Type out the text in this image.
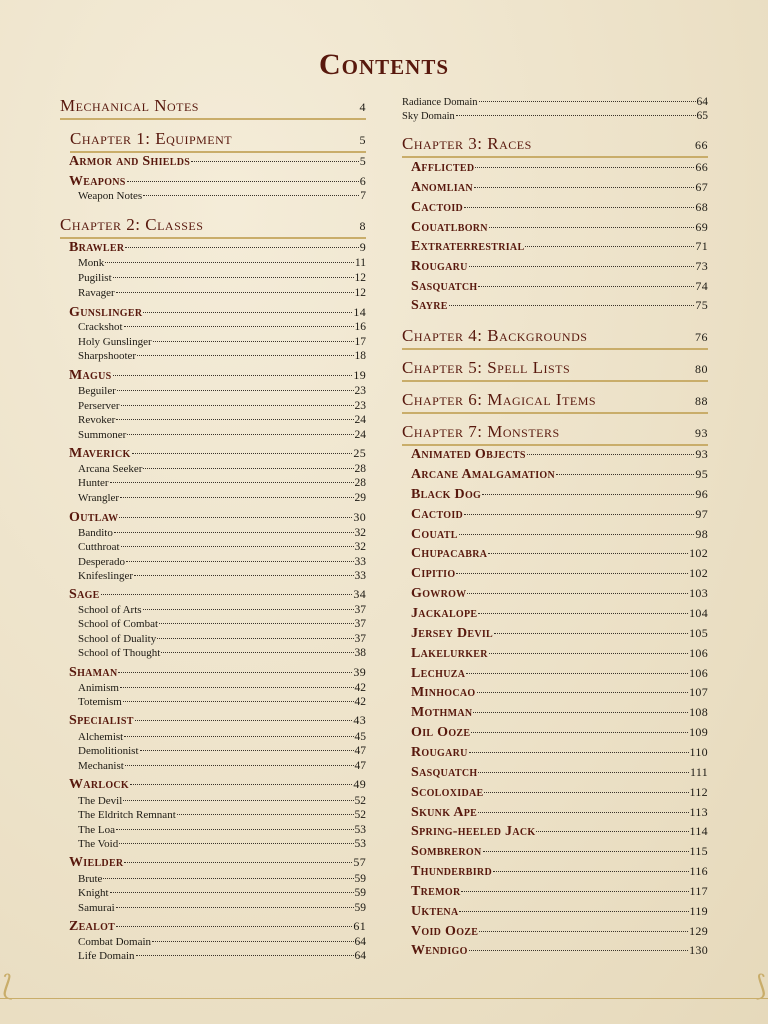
Contents
Mechanical Notes	4
Chapter 1: Equipment	5
Armor and Shields	5
Weapons	6
Weapon Notes	7
Chapter 2: Classes	8
Brawler	9
Monk	11
Pugilist	12
Ravager	12
Gunslinger	14
Crackshot	16
Holy Gunslinger	17
Sharpshooter	18
Magus	19
Beguiler	23
Perserver	23
Revoker	24
Summoner	24
Maverick	25
Arcana Seeker	28
Hunter	28
Wrangler	29
Outlaw	30
Bandito	32
Cutthroat	32
Desperado	33
Knifeslinger	33
Sage	34
School of Arts	37
School of Combat	37
School of Duality	37
School of Thought	38
Shaman	39
Animism	42
Totemism	42
Specialist	43
Alchemist	45
Demolitionist	47
Mechanist	47
Warlock	49
The Devil	52
The Eldritch Remnant	52
The Loa	53
The Void	53
Wielder	57
Brute	59
Knight	59
Samurai	59
Zealot	61
Combat Domain	64
Life Domain	64
Radiance Domain	64
Sky Domain	65
Chapter 3: Races	66
Afflicted	66
Anomlian	67
Cactoid	68
Couatlborn	69
Extraterrestrial	71
Rougaru	73
Sasquatch	74
Sayre	75
Chapter 4: Backgrounds	76
Chapter 5: Spell Lists	80
Chapter 6: Magical Items	88
Chapter 7: Monsters	93
Animated Objects	93
Arcane Amalgamation	95
Black Dog	96
Cactoid	97
Couatl	98
Chupacabra	102
Cipitio	102
Gowrow	103
Jackalope	104
Jersey Devil	105
Lakelurker	106
Lechuza	106
Minhocao	107
Mothman	108
Oil Ooze	109
Rougaru	110
Sasquatch	111
Scoloxidae	112
Skunk Ape	113
Spring-heeled Jack	114
Sombreron	115
Thunderbird	116
Tremor	117
Uktena	119
Void Ooze	129
Wendigo	130
⟅	⟆
